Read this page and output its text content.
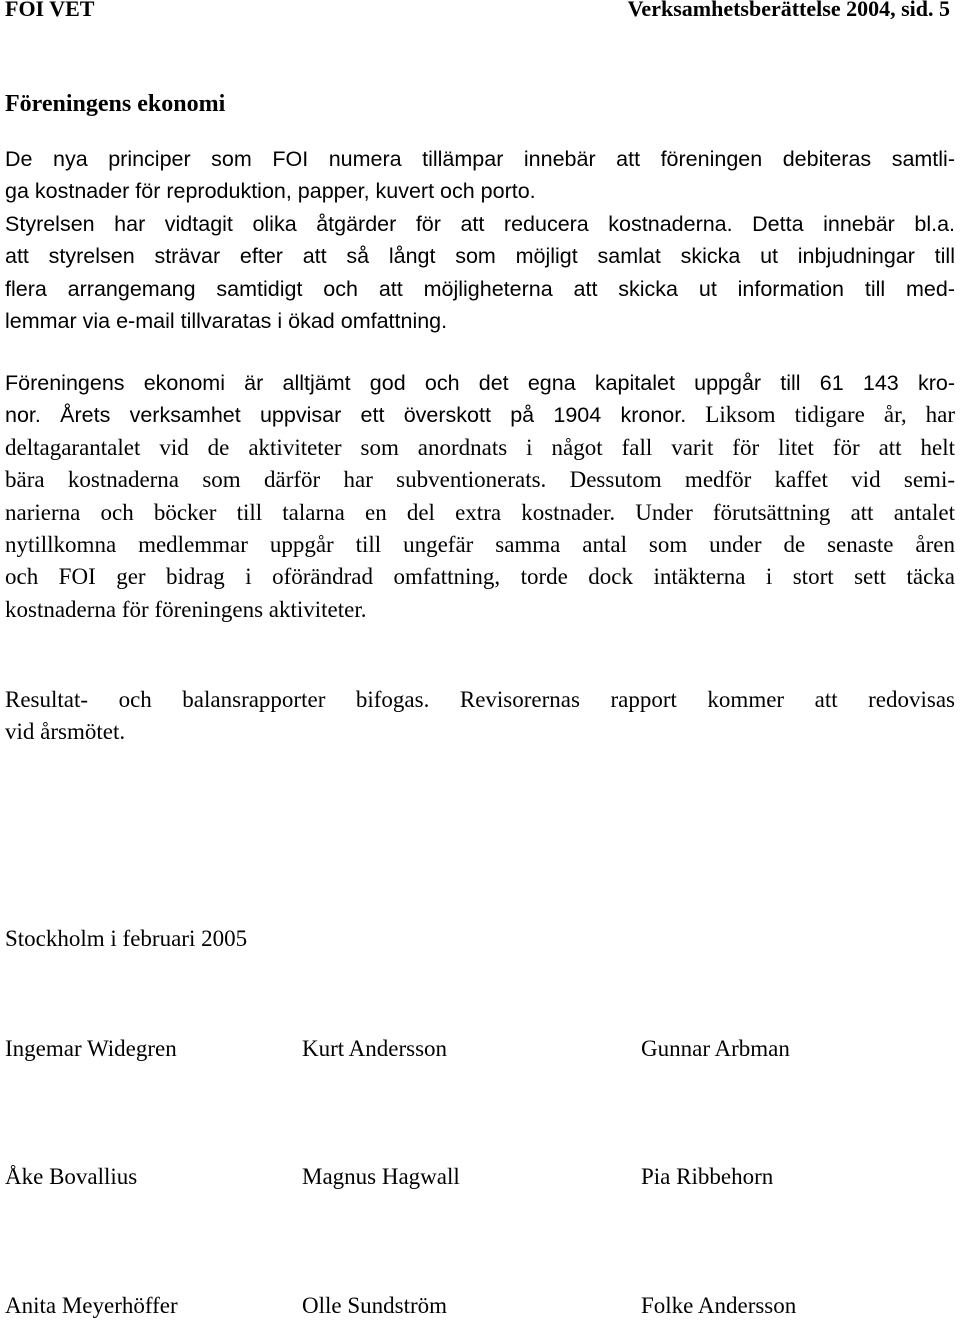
FOI VET	Verksamhetsberättelse 2004, sid. 5
Föreningens ekonomi
De nya principer som FOI numera tillämpar innebär att föreningen debiteras samtli-
ga kostnader för reproduktion, papper, kuvert och porto.
Styrelsen har vidtagit olika åtgärder för att reducera kostnaderna. Detta innebär bl.a.
att styrelsen strävar efter att så långt som möjligt samlat skicka ut inbjudningar till
flera arrangemang samtidigt och att möjligheterna att skicka ut information till med-
lemmar via e-mail tillvaratas i ökad omfattning.
Föreningens ekonomi är alltjämt god och det egna kapitalet uppgår till 61 143 kro-
nor. Årets verksamhet uppvisar ett överskott på 1904 kronor. Liksom tidigare år, har
deltagarantalet vid de aktiviteter som anordnats i något fall varit för litet för att helt
bära kostnaderna som därför har subventionerats. Dessutom medför kaffet vid semi-
narierna och böcker till talarna en del extra kostnader. Under förutsättning att antalet
nytillkomna medlemmar uppgår till ungefär samma antal som under de senaste åren
och FOI ger bidrag i oförändrad omfattning, torde dock intäkterna i stort sett täcka
kostnaderna för föreningens aktiviteter.
Resultat- och balansrapporter bifogas. Revisorernas rapport kommer att redovisas
vid årsmötet.

Stockholm i februari 2005

Ingemar Widegren	Kurt Andersson	Gunnar Arbman
Åke Bovallius	Magnus Hagwall	Pia Ribbehorn
Anita Meyerhöffer	Olle Sundström	Folke Andersson
